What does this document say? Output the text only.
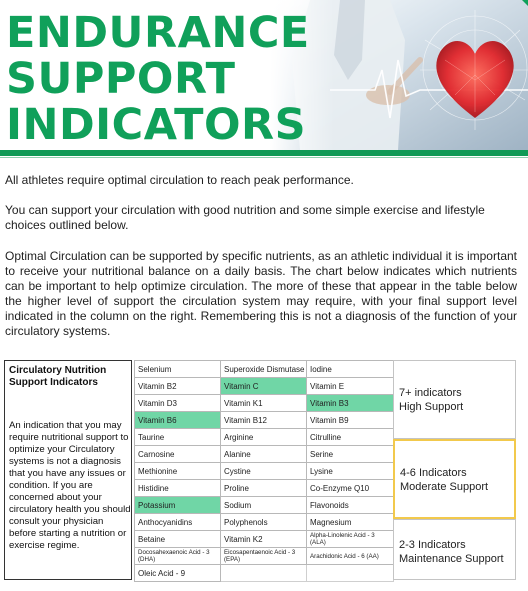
ENDURANCE
SUPPORT
INDICATORS

All athletes require optimal circulation to reach peak performance.

You can support your circulation with good nutrition and some simple exercise and lifestyle choices outlined below.

Optimal Circulation can be supported by specific nutrients, as an athletic individual it is important to receive your nutritional balance on a daily basis. The chart below indicates which nutrients can be important to help optimize circulation. The more of these that appear in the table below the higher level of support the circulation system may require, with your final support level indicated in the column on the right. Remembering this is not a diagnosis of the function of your circulatory systems.

Circulatory Nutrition Support Indicators
An indication that you may require nutritional support to optimize your Circulatory systems is not a diagnosis that you have any issues or condition. If you are concerned about your circulatory health you should consult your physician before starting a nutrition or exercise regime.
Selenium	Superoxide Dismutase	Iodine
Vitamin B2	Vitamin C	Vitamin E
Vitamin D3	Vitamin K1	Vitamin B3
Vitamin B6	Vitamin B12	Vitamin B9
Taurine	Arginine	Citrulline
Carnosine	Alanine	Serine
Methionine	Cystine	Lysine
Histidine	Proline	Co-Enzyme Q10
Potassium	Sodium	Flavonoids
Anthocyanidins	Polyphenols	Magnesium
Betaine	Vitamin K2	Alpha-Linolenic Acid - 3 (ALA)
Docosahexaenoic Acid - 3 (DHA)	Eicosapentaenoic Acid - 3 (EPA)	Arachidonic Acid - 6 (AA)
Oleic Acid - 9		
7+ indicators
High Support
4-6 Indicators
Moderate Support
2-3 Indicators
Maintenance Support
